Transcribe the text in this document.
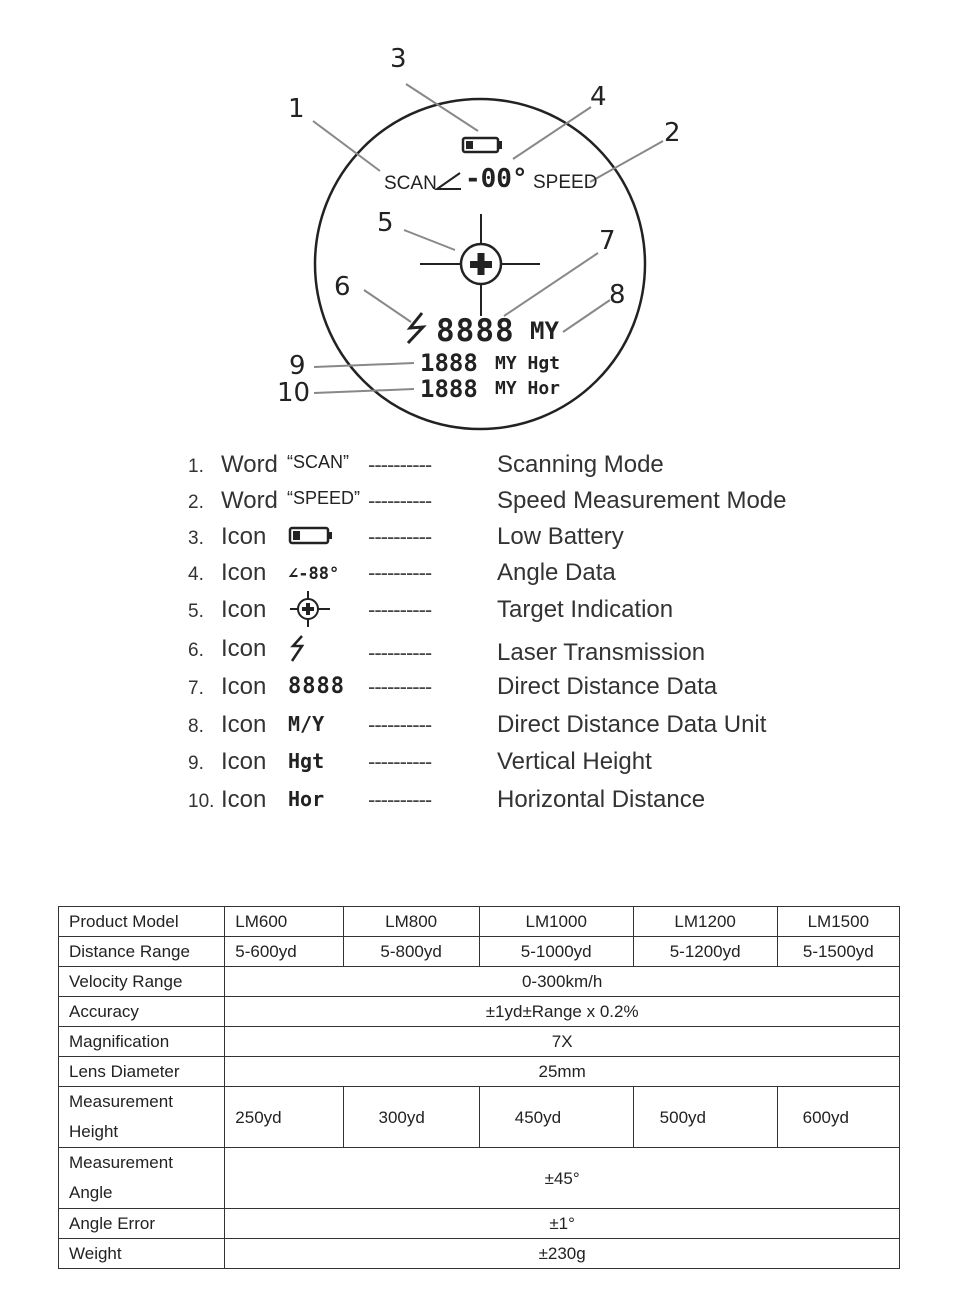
1
2
3
4
5
6
7
8
9
10
SCAN -00° SPEED
8888 MY
1888 MY Hgt
1888 MY Hor
1. Word “SCAN” ----------	Scanning Mode
2. Word “SPEED” ----------	Speed Measurement Mode
3. Icon	----------	Low Battery
4. Icon ∠-88° ----------	Angle Data
5. Icon	----------	Target Indication
6. Icon	----------	Laser Transmission
7. Icon 8888 ----------	Direct Distance Data
8. Icon M/Y ----------	Direct Distance Data Unit
9. Icon Hgt ----------	Vertical Height
10. Icon Hor ----------	Horizontal Distance
Product Model	LM600	LM800	LM1000	LM1200	LM1500
Distance Range	5-600yd	5-800yd	5-1000yd	5-1200yd	5-1500yd
Velocity Range	0-300km/h				
Accuracy	±1yd±Range x 0.2%				
Magnification	7X				
Lens Diameter	25mm				
Measurement Height	250yd	300yd	450yd	500yd	600yd
Measurement Angle	±45°				
Angle Error	±1°				
Weight	±230g				
